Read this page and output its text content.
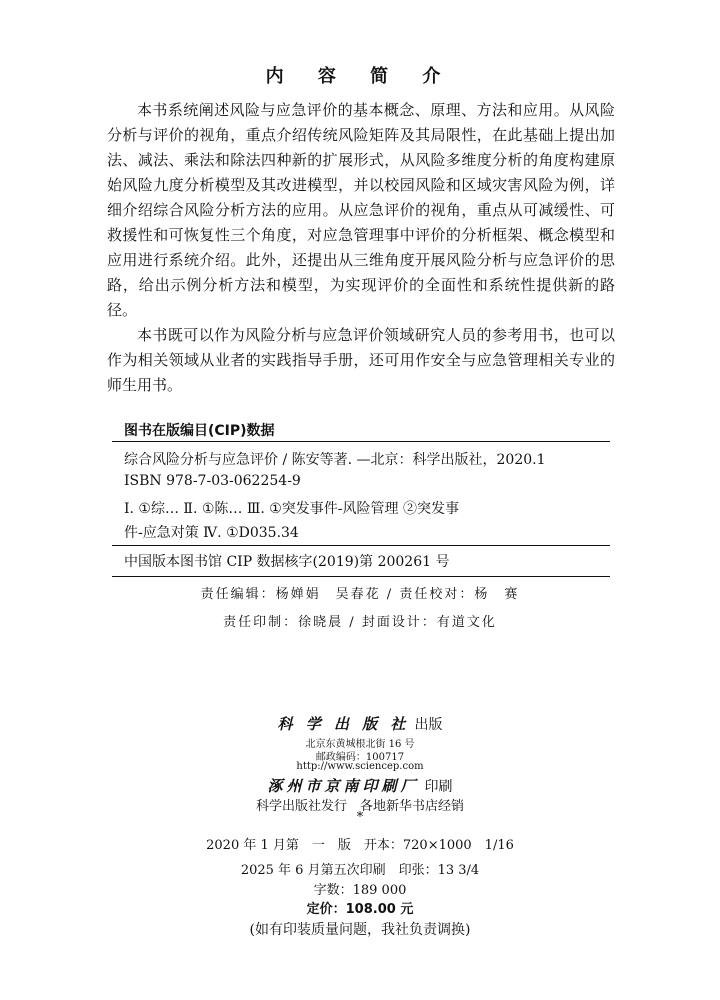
内 容 简 介

本书系统阐述风险与应急评价的基本概念、原理、方法和应用。从风险分析与评价的视角，重点介绍传统风险矩阵及其局限性，在此基础上提出加法、减法、乘法和除法四种新的扩展形式，从风险多维度分析的角度构建原始风险九度分析模型及其改进模型，并以校园风险和区域灾害风险为例，详细介绍综合风险分析方法的应用。从应急评价的视角，重点从可减缓性、可救援性和可恢复性三个角度，对应急管理事中评价的分析框架、概念模型和应用进行系统介绍。此外，还提出从三维角度开展风险分析与应急评价的思路，给出示例分析方法和模型，为实现评价的全面性和系统性提供新的路径。

本书既可以作为风险分析与应急评价领域研究人员的参考用书，也可以作为相关领域从业者的实践指导手册，还可用作安全与应急管理相关专业的师生用书。

图书在版编目(CIP)数据
综合风险分析与应急评价 / 陈安等著. —北京：科学出版社，2020.1
ISBN 978-7-03-062254-9
Ⅰ. ①综… Ⅱ. ①陈… Ⅲ. ①突发事件-风险管理 ②突发事
件-应急对策 Ⅳ. ①D035.34
中国版本图书馆 CIP 数据核字(2019)第 200261 号
责任编辑：杨婵娟　吴春花 / 责任校对：杨　赛
责任印制：徐晓晨 / 封面设计：有道文化
科 学 出 版 社 出版
北京东黄城根北街 16 号
邮政编码：100717
http://www.sciencep.com
涿州市京南印刷厂 印刷
科学出版社发行　各地新华书店经销
*
2020 年 1 月第　一　版　开本：720×1000　1/16
2025 年 6 月第五次印刷　印张：13 3/4
字数：189 000
定价：108.00 元
(如有印装质量问题，我社负责调换)
